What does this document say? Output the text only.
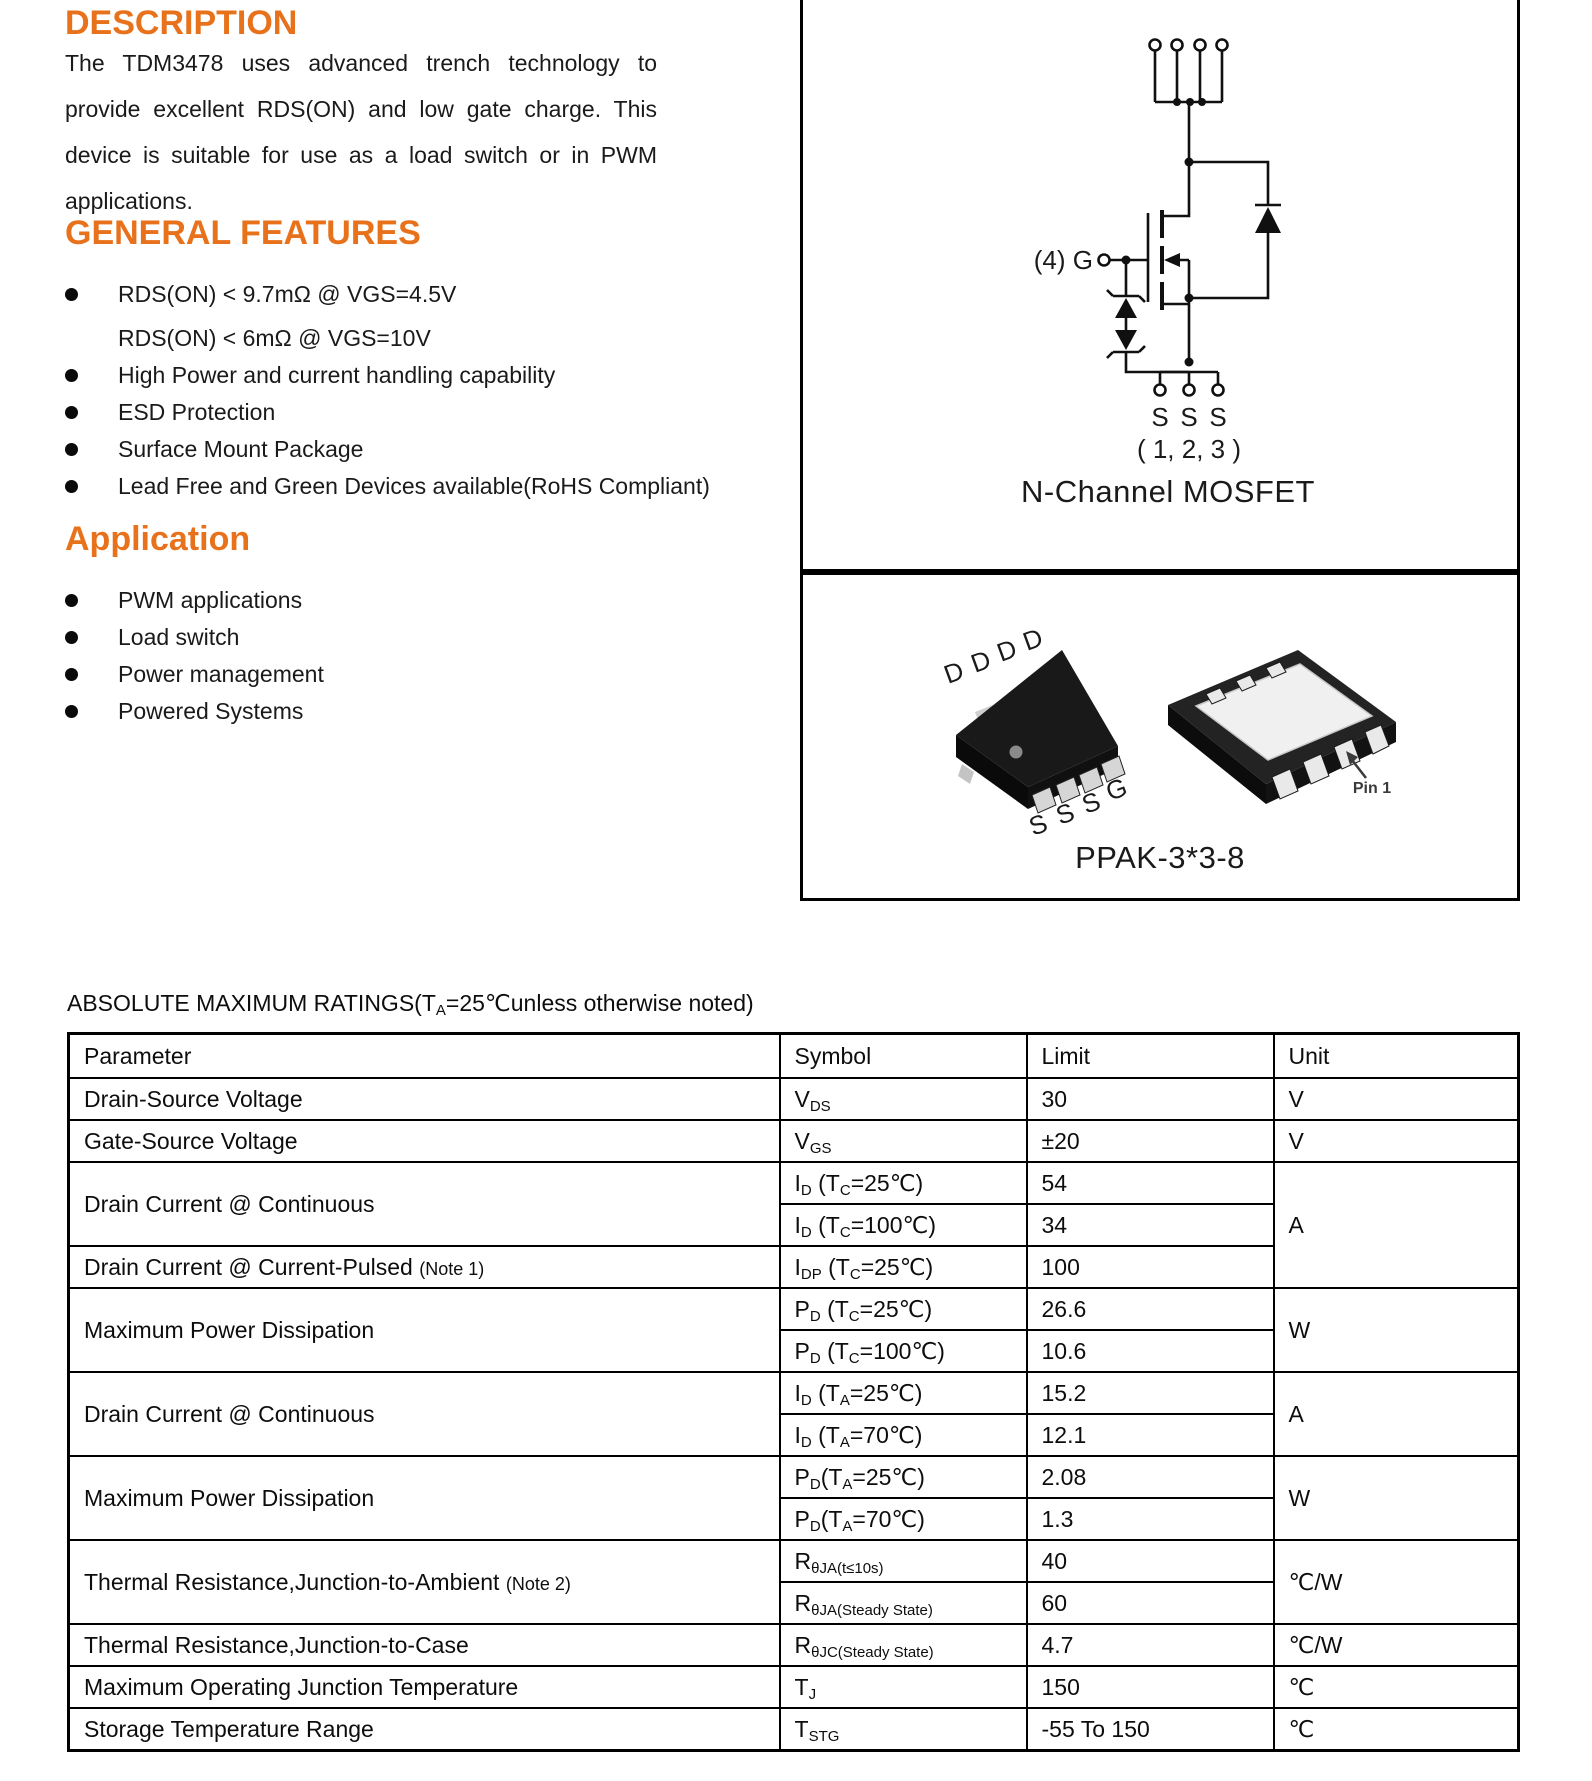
DESCRIPTION
The TDM3478 uses advanced trench technology to provide excellent RDS(ON) and low gate charge. This device is suitable for use as a load switch or in PWM applications.
GENERAL FEATURES
RDS(ON) < 9.7mΩ @ VGS=4.5V
RDS(ON) < 6mΩ @ VGS=10V
High Power and current handling capability
ESD Protection
Surface Mount Package
Lead Free and Green Devices available(RoHS Compliant)
Application
PWM applications
Load switch
Power management
Powered Systems
(4) G
S S S
( 1, 2, 3 )
N-Channel MOSFET
D D
D
D
S S S
G	Pin 1
PPAK-3*3-8
ABSOLUTE MAXIMUM $RATINGS(T_A=25℃unless$ otherwise noted)
Parameter	Symbol	Limit	Unit
Drain-Source Voltage	$V_{DS}$	30	V
Gate-Source Voltage	$V_{GS}$	±20	V
Drain Current @ Continuous	$I_D$ $(T_C=25℃)$	54	A
	$I_D$ $(T_C=100℃)$	34	
Drain Current @ Current-Pulsed (Note 1)	$I_{DP}$ $(T_C=25℃)$	100	
Maximum Power Dissipation	$P_D$ $(T_C=25℃)$	26.6	W
	$P_D$ $(T_C=100℃)$	10.6	
Drain Current @ Continuous	$I_D$ $(T_A=25℃)$	15.2	A
	$I_D$ $(T_A=70℃)$	12.1	
Maximum Power Dissipation	$P_D(T_A=25℃)$	2.08	W
	$P_D(T_A=70℃)$	1.3	
Thermal Resistance,Junction-to-Ambient (Note 2)	$R_{\theta JA(t\le 10s)}$	40	℃/W
	$R_{\theta JA(Steady State)}$	60	
Thermal Resistance,Junction-to-Case	$R_{\theta JC(Steady State)}$	4.7	℃/W
Maximum Operating Junction Temperature	$T_J$	150	℃
Storage Temperature Range	$T_{STG}$	-55 To 150	℃
